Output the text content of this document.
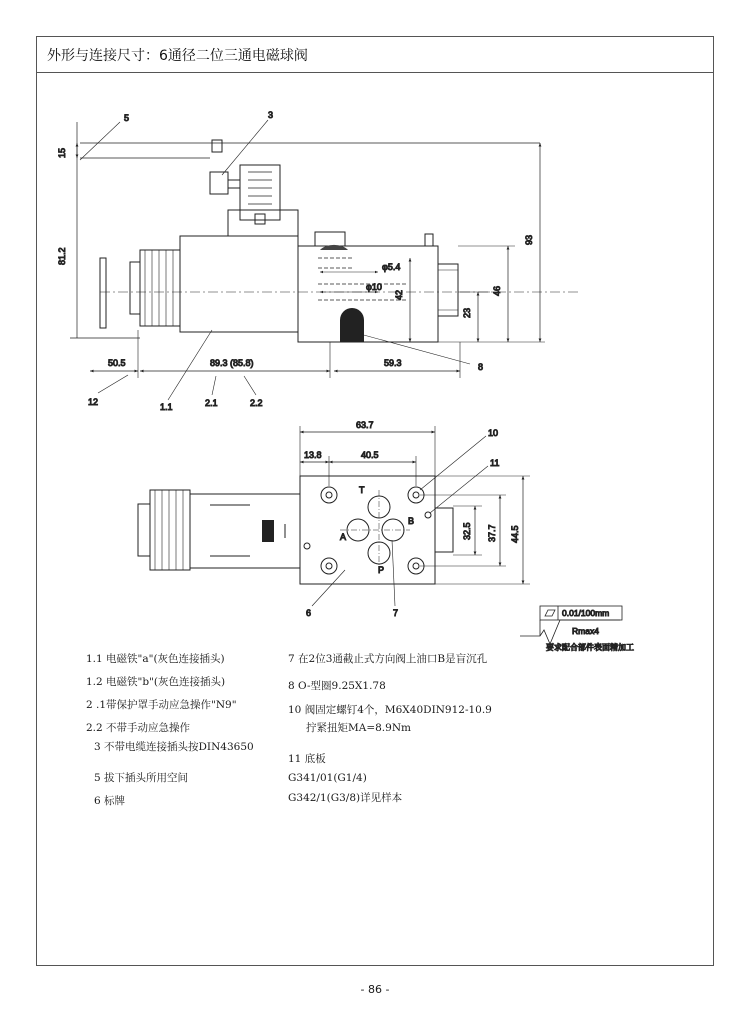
外形与连接尺寸：6通径二位三通电磁球阀
15
81.2
93
46
42
23
φ5.4
φ10
50.5	89.3 (85.8)	59.3
5	3
8
12	1.1	2.1	2.2
63.7
13.8	40.5
32.5 37.7 44.5
T
A
B
P
10
11
6	7	0.01/100mm
Rmax4
要求配合部件表面精加工
1.1 电磁铁"a"(灰色连接插头)
1.2 电磁铁"b"(灰色连接插头)
2 .1带保护罩手动应急操作"N9"
2.2 不带手动应急操作
3 不带电缆连接插头按DIN43650
5 拔下插头所用空间
6 标牌
7 在2位3通截止式方向阀上油口B是盲沉孔
8 O-型圈9.25X1.78
10 阀固定螺钉4个，M6X40DIN912-10.9
拧紧扭矩MA=8.9Nm
11 底板
G341/01(G1/4)
G342/1(G3/8)详见样本
- 86 -
